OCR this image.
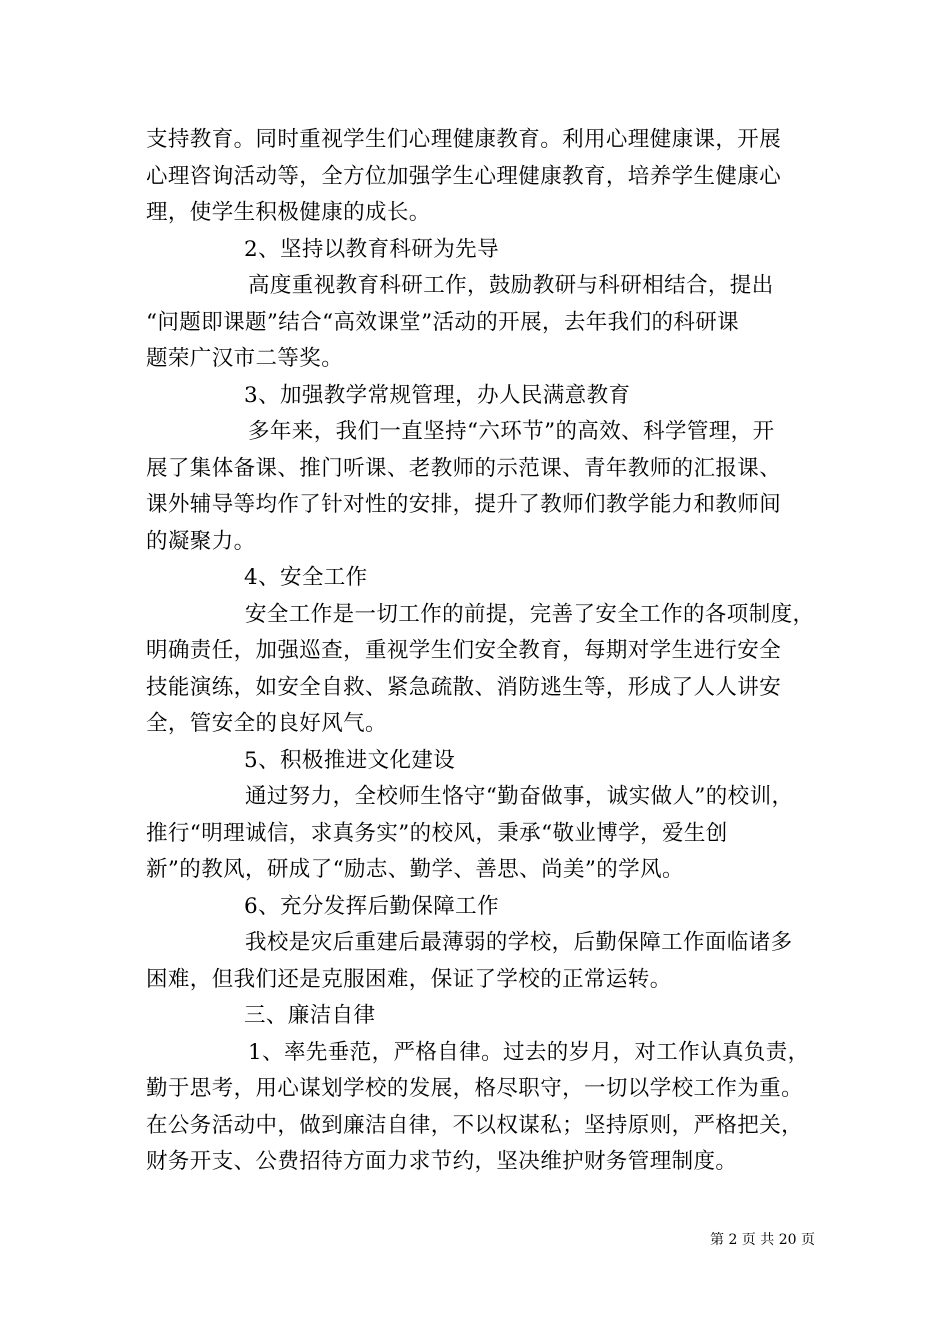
支持教育。同时重视学生们心理健康教育。利用心理健康课，开展
心理咨询活动等，全方位加强学生心理健康教育，培养学生健康心
理，使学生积极健康的成长。
2、坚持以教育科研为先导
高度重视教育科研工作，鼓励教研与科研相结合，提出
“问题即课题”结合“高效课堂”活动的开展，去年我们的科研课
题荣广汉市二等奖。
3、加强教学常规管理，办人民满意教育
多年来，我们一直坚持“六环节”的高效、科学管理，开
展了集体备课、推门听课、老教师的示范课、青年教师的汇报课、
课外辅导等均作了针对性的安排，提升了教师们教学能力和教师间
的凝聚力。
4、安全工作
安全工作是一切工作的前提，完善了安全工作的各项制度，
明确责任，加强巡查，重视学生们安全教育，每期对学生进行安全
技能演练，如安全自救、紧急疏散、消防逃生等，形成了人人讲安
全，管安全的良好风气。
5、积极推进文化建设
通过努力，全校师生恪守“勤奋做事，诚实做人”的校训，
推行“明理诚信，求真务实”的校风，秉承“敬业博学，爱生创
新”的教风，研成了“励志、勤学、善思、尚美”的学风。
6、充分发挥后勤保障工作
我校是灾后重建后最薄弱的学校，后勤保障工作面临诸多
困难，但我们还是克服困难，保证了学校的正常运转。
三、廉洁自律
1、率先垂范，严格自律。过去的岁月，对工作认真负责，
勤于思考，用心谋划学校的发展，格尽职守，一切以学校工作为重。
在公务活动中，做到廉洁自律，不以权谋私；坚持原则，严格把关，
财务开支、公费招待方面力求节约，坚决维护财务管理制度。
第 2 页 共 20 页
